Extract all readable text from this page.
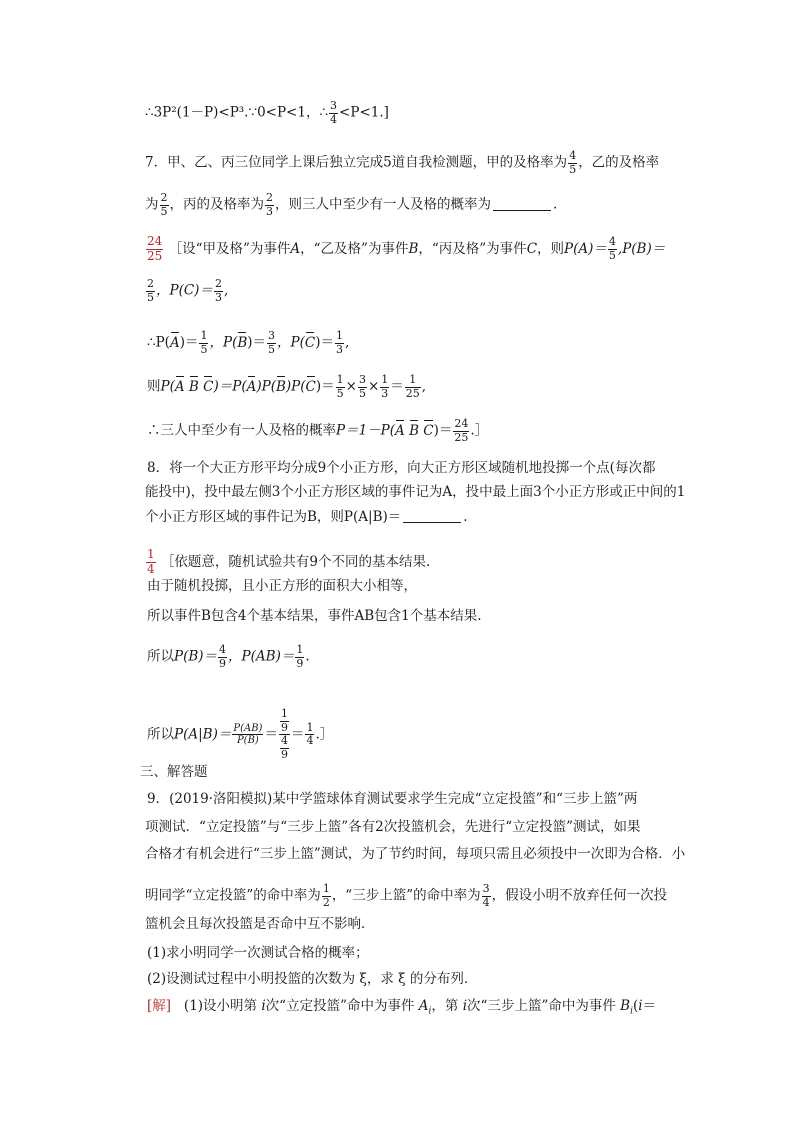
∴3P²(1－P)<P³.∵0<P<1，∴ $\frac{3}{4} <P<1$.]
7．甲、乙、丙三位同学上课后独立完成5道自我检测题，甲的及格率为 $\frac{4}{5}$ ，乙的及格率
为 $\frac{2}{5}$ ，丙的及格率为 $\frac{2}{3}$ ，则三人中至少有一人及格的概率为	.
$\frac{24}{25}$ ［设“甲及格”为事件A，“乙及格”为事件B，“丙及格”为事件C，则$P(A)= \frac{4}{5} ,P(B)=$
$\frac{2}{5}$ ，$P(C)= \frac{2}{3}$ ,
∴P(A)＝ $\frac{1}{5}$ ，$P(B)= \frac{3}{5}$ ，$P(C)= \frac{1}{3}$ ,
则P(A B $C)=P(A)P(B)P(C)= \frac{1}{5} \times \frac{3}{5} \times \frac{1}{3} = \frac{1}{25}$ ,
∴三人中至少有一人及格的概率P＝1－P(A B $C)= \frac{24}{25}$ .］
8．将一个大正方形平均分成9个小正方形，向大正方形区域随机地投掷一个点(每次都
能投中)，投中最左侧3个小正方形区域的事件记为A，投中最上面3个小正方形或正中间的1
个小正方形区域的事件记为B，则P(A|B)＝	.
$\frac{1}{4}$ ［依题意，随机试验共有9个不同的基本结果.
由于随机投掷，且小正方形的面积大小相等，
所以事件B包含4个基本结果，事件AB包含1个基本结果.
所以$P(B)= \frac{4}{9}$ ，$P(AB)= \frac{1}{9}$ .
所以$P(A|B)= \frac{P(AB)}{P(B)} = \frac{\frac{1}{9}}{\frac{4}{9}} = \frac{1}{4}$ .］
三、解答题
9．(2019·洛阳模拟)某中学篮球体育测试要求学生完成“立定投篮”和“三步上篮”两
项测试．“立定投篮”与“三步上篮”各有2次投篮机会，先进行“立定投篮”测试，如果
合格才有机会进行“三步上篮”测试，为了节约时间，每项只需且必须投中一次即为合格．小
明同学“立定投篮”的命中率为 $\frac{1}{2}$ ，“三步上篮”的命中率为 $\frac{3}{4}$ ，假设小明不放弃任何一次投
篮机会且每次投篮是否命中互不影响．
(1)求小明同学一次测试合格的概率；
(2)设测试过程中小明投篮的次数为 ξ，求 ξ 的分布列．
[解] (1)设小明第 i次“立定投篮”命中为事件 $A_i$，第 i次“三步上篮”命中为事件 $B_i(i=$
